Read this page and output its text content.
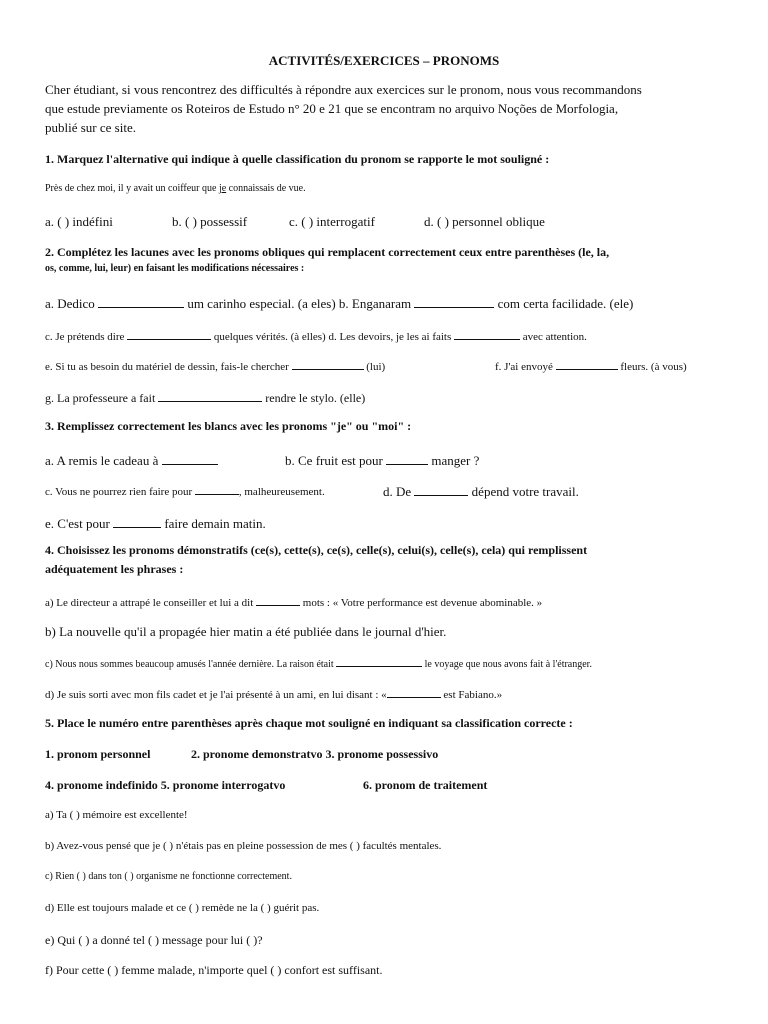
ACTIVITÉS/EXERCICES – PRONOMS
Cher étudiant, si vous rencontrez des difficultés à répondre aux exercices sur le pronom, nous vous recommandons
que estude previamente os Roteiros de Estudo n° 20 e 21 que se encontram no arquivo Noções de Morfologia,
publié sur ce site.
1. Marquez l'alternative qui indique à quelle classification du pronom se rapporte le mot souligné :
Près de chez moi, il y avait un coiffeur que je connaissais de vue.
a. ( ) indéfini	b. ( ) possessif	c. ( ) interrogatif	d. ( ) personnel oblique
2. Complétez les lacunes avec les pronoms obliques qui remplacent correctement ceux entre parenthèses (le, la,
os, comme, lui, leur) en faisant les modifications nécessaires :
a. Dedico	um carinho especial. (a eles) b. Enganaram	com certa facilidade. (ele)
c. Je prétends dire	quelques vérités. (à elles) d. Les devoirs, je les ai faits	avec attention.
e. Si tu as besoin du matériel de dessin, fais-le chercher	(lui)	f. J'ai envoyé	fleurs. (à vous)
g. La professeure a fait	rendre le stylo. (elle)
3. Remplissez correctement les blancs avec les pronoms "je" ou "moi" :
a. A remis le cadeau à	b. Ce fruit est pour	manger ?
c. Vous ne pourrez rien faire pour	, malheureusement.	d. De	dépend votre travail.
e. C'est pour	faire demain matin.
4. Choisissez les pronoms démonstratifs (ce(s), cette(s), ce(s), celle(s), celui(s), celle(s), cela) qui remplissent
adéquatement les phrases :
a) Le directeur a attrapé le conseiller et lui a dit	mots : « Votre performance est devenue abominable. »
b) La nouvelle qu'il a propagée hier matin a été publiée dans le journal d'hier.
c) Nous nous sommes beaucoup amusés l'année dernière. La raison était	le voyage que nous avons fait à l'étranger.
d) Je suis sorti avec mon fils cadet et je l'ai présenté à un ami, en lui disant : «	est Fabiano.»
5. Place le numéro entre parenthèses après chaque mot souligné en indiquant sa classification correcte :
1. pronom personnel	2. pronome demonstratvo 3. pronome possessivo
4. pronome indefinido 5. pronome interrogatvo	6. pronom de traitement
a) Ta ( ) mémoire est excellente!
b) Avez-vous pensé que je ( ) n'étais pas en pleine possession de mes ( ) facultés mentales.
c) Rien ( ) dans ton ( ) organisme ne fonctionne correctement.
d) Elle est toujours malade et ce ( ) remède ne la ( ) guérit pas.
e) Qui ( ) a donné tel ( ) message pour lui ( )?
f) Pour cette ( ) femme malade, n'importe quel ( ) confort est suffisant.
